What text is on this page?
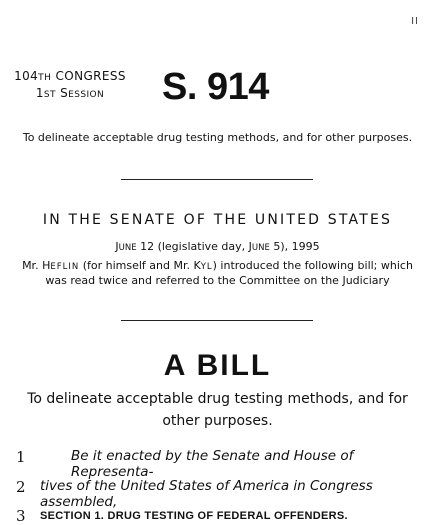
II
104TH CONGRESS
1ST SESSION	S. 914
To delineate acceptable drug testing methods, and for other purposes.
IN THE SENATE OF THE UNITED STATES
JUNE 12 (legislative day, JUNE 5), 1995
Mr. HEFLIN (for himself and Mr. KYL) introduced the following bill; which was read twice and referred to the Committee on the Judiciary
A BILL
To delineate acceptable drug testing methods, and for other purposes.
1	Be it enacted by the Senate and House of Representa-
2	tives of the United States of America in Congress assembled,
3	SECTION 1. DRUG TESTING OF FEDERAL OFFENDERS.
